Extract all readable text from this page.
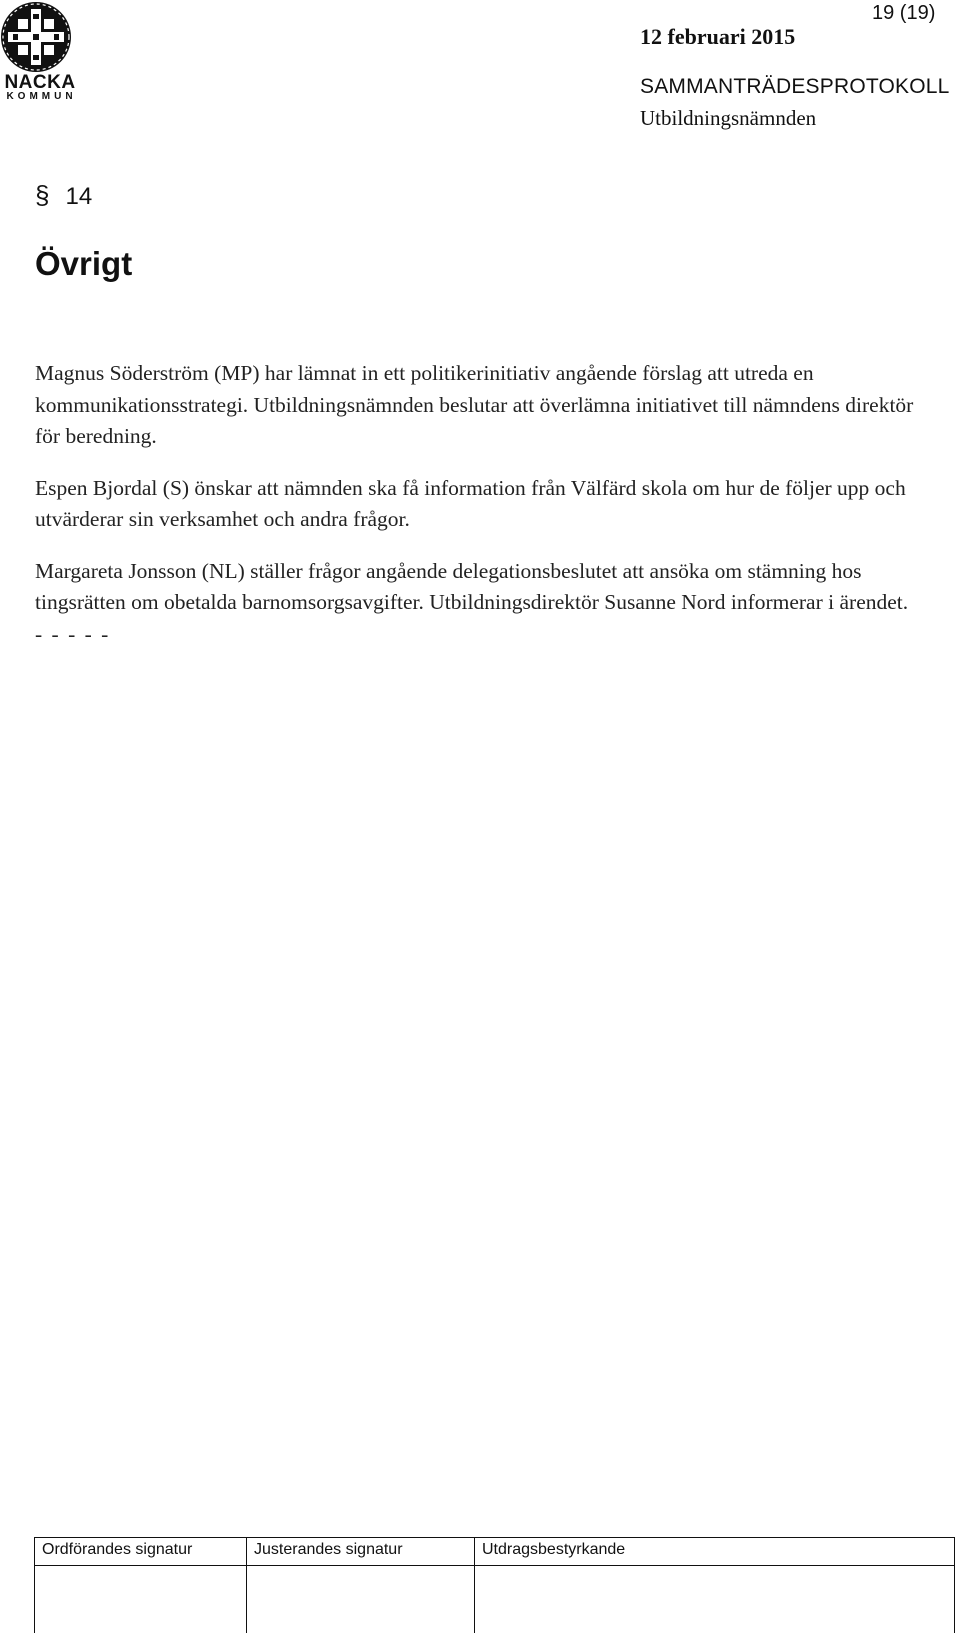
NACKA
KOMMUN
19 (19)
12 februari 2015
SAMMANTRÄDESPROTOKOLL
Utbildningsnämnden
§ 14
Övrigt

Magnus Söderström (MP) har lämnat in ett politikerinitiativ angående förslag att utreda en kommunikationsstrategi. Utbildningsnämnden beslutar att överlämna initiativet till nämndens direktör för beredning.

Espen Bjordal (S) önskar att nämnden ska få information från Välfärd skola om hur de följer upp och utvärderar sin verksamhet och andra frågor.

Margareta Jonsson (NL) ställer frågor angående delegationsbeslutet att ansöka om stämning hos tingsrätten om obetalda barnomsorgsavgifter. Utbildningsdirektör Susanne Nord informerar i ärendet.

- - - - -

Ordförandes signatur	Justerandes signatur	Utdragsbestyrkande
